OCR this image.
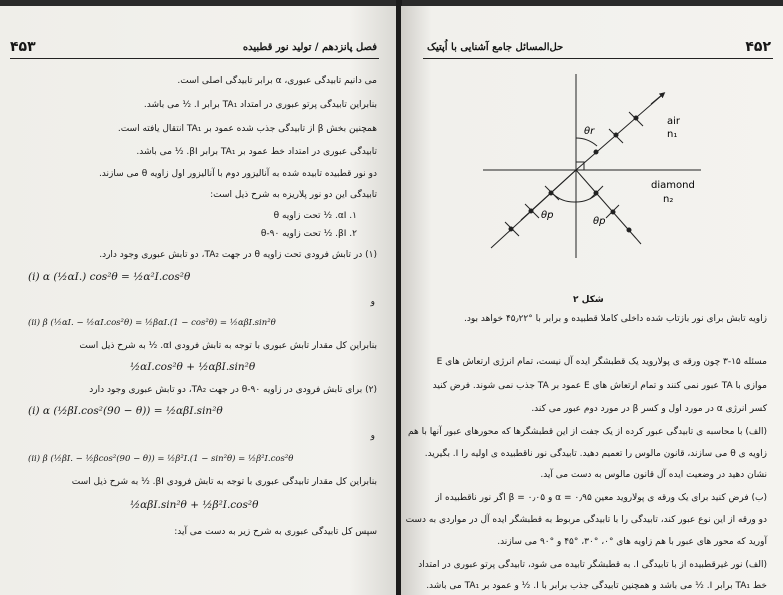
۴۵۳	فصل پانزدهم / تولید نور قطبیده
می دانیم تابیدگی عبوری، α برابر تابیدگی اصلی است.
بنابراین تابیدگی پرتو عبوری در امتداد TA₁ برابر I. ½ می باشد.
همچنین بخش β از تابیدگی جذب شده عمود بر TA₁ انتقال یافته است.
تابیدگی عبوری در امتداد خط عمود بر TA₁ برابر βI. ½ می باشد.
دو نور قطبیده تابیده شده به آنالیزور دوم با آنالیزور اول زاویه θ می سازند.
تابیدگی این دو نور پلاریزه به شرح ذیل است:
۱. αI. ½ تحت زاویه θ
۲. βI. ½ تحت زاویه ۹۰-θ
(۱) در تابش فرودی تحت زاویه θ در جهت TA₂، دو تابش عبوری وجود دارد.
(i) α (½αI.) cos²θ = ½α²I.cos²θ
و
(ii) β (½αI. − ½αI.cos²θ) = ½βαI.(1 − cos²θ) = ½αβI.sin²θ
بنابراین کل مقدار تابش عبوری با توجه به تابش فرودی αI. ½ به شرح ذیل است
½αI.cos²θ + ½αβI.sin²θ
(۲) برای تابش فرودی در زاویه ۹۰-θ در جهت TA₂، دو تابش عبوری وجود دارد
(i) α (½βI.cos²(90 − θ)) = ½αβI.sin²θ
و
(ii) β (½βI. − ½βcos²(90 − θ)) = ½β²I.(1 − sin²θ) = ½β²I.cos²θ
بنابراین کل مقدار تابیدگی عبوری با توجه به تابش فرودی βI. ½ به شرح ذیل است
½αβI.sin²θ + ½β²I.cos²θ
سپس کل تابیدگی عبوری به شرح زیر به دست می آید:
۴۵۲
حل‌المسائل جامع آشنایی با اُپتیک
θr
θp
θp
air
n₁
diamond
n₂
شکل ۲
زاویه تابش برای نور بازتاب شده داخلی کاملا قطبیده و برابر با °۴۵٫۲۲ خواهد بود.
مسئله ۱۵-۳ چون ورقه ی پولاروید یک قطبشگر ایده آل نیست، تمام انرژی ارتعاش های E
موازی با TA عبور نمی کنند و تمام ارتعاش های E عمود بر TA جذب نمی شوند. فرض کنید
کسر انرژی α در مورد اول و کسر β در مورد دوم عبور می کند.
(الف) با محاسبه ی تابیدگی عبور کرده از یک جفت از این قطبشگرها که محورهای عبور آنها با هم
زاویه ی θ می سازند، قانون مالوس را تعمیم دهید. تابیدگی نور ناقطبیده ی اولیه را I. بگیرید.
نشان دهید در وضعیت ایده آل قانون مالوس به دست می آید.
(ب) فرض کنید برای یک ورقه ی پولاروید معین α = ۰٫۹۵ و β = ۰٫۰۵ اگر نور ناقطبیده از
دو ورقه از این نوع عبور کند، تابیدگی را با تابیدگی مربوط به قطبشگر ایده آل در مواردی به دست
آورید که محور های عبور با هم زاویه های °۰، °۳۰، °۴۵ و °۹۰ می سازند.
(الف) نور غیرقطبیده از با تابیدگی I. به قطبشگر تابیده می شود، تابیدگی پرتو عبوری در امتداد
خط TA₁ برابر I. ½ می باشد و همچنین تابیدگی جذب برابر با I. ½ و عمود بر TA₁ می باشد.
